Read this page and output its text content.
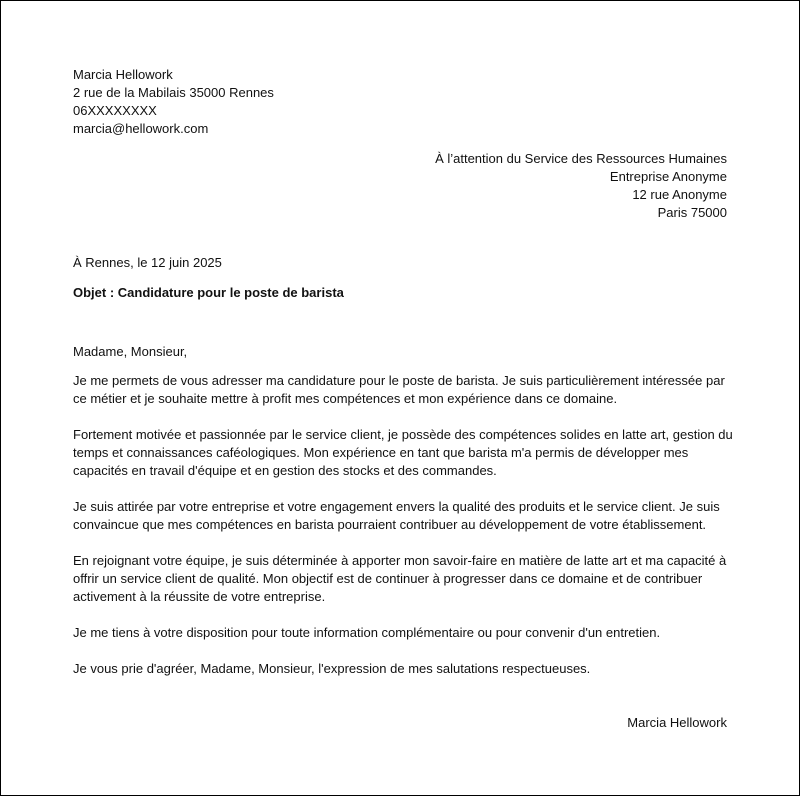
Marcia Hellowork
2 rue de la Mabilais 35000 Rennes
06XXXXXXXX
marcia@hellowork.com
À l’attention du Service des Ressources Humaines
Entreprise Anonyme
12 rue Anonyme
Paris 75000
À Rennes, le 12 juin 2025
Objet : Candidature pour le poste de barista
Madame, Monsieur,

Je me permets de vous adresser ma candidature pour le poste de barista. Je suis particulièrement intéressée par ce métier et je souhaite mettre à profit mes compétences et mon expérience dans ce domaine.

Fortement motivée et passionnée par le service client, je possède des compétences solides en latte art, gestion du temps et connaissances caféologiques. Mon expérience en tant que barista m'a permis de développer mes capacités en travail d'équipe et en gestion des stocks et des commandes.

Je suis attirée par votre entreprise et votre engagement envers la qualité des produits et le service client. Je suis convaincue que mes compétences en barista pourraient contribuer au développement de votre établissement.

En rejoignant votre équipe, je suis déterminée à apporter mon savoir-faire en matière de latte art et ma capacité à offrir un service client de qualité. Mon objectif est de continuer à progresser dans ce domaine et de contribuer activement à la réussite de votre entreprise.

Je me tiens à votre disposition pour toute information complémentaire ou pour convenir d'un entretien.

Je vous prie d'agréer, Madame, Monsieur, l'expression de mes salutations respectueuses.

Marcia Hellowork
